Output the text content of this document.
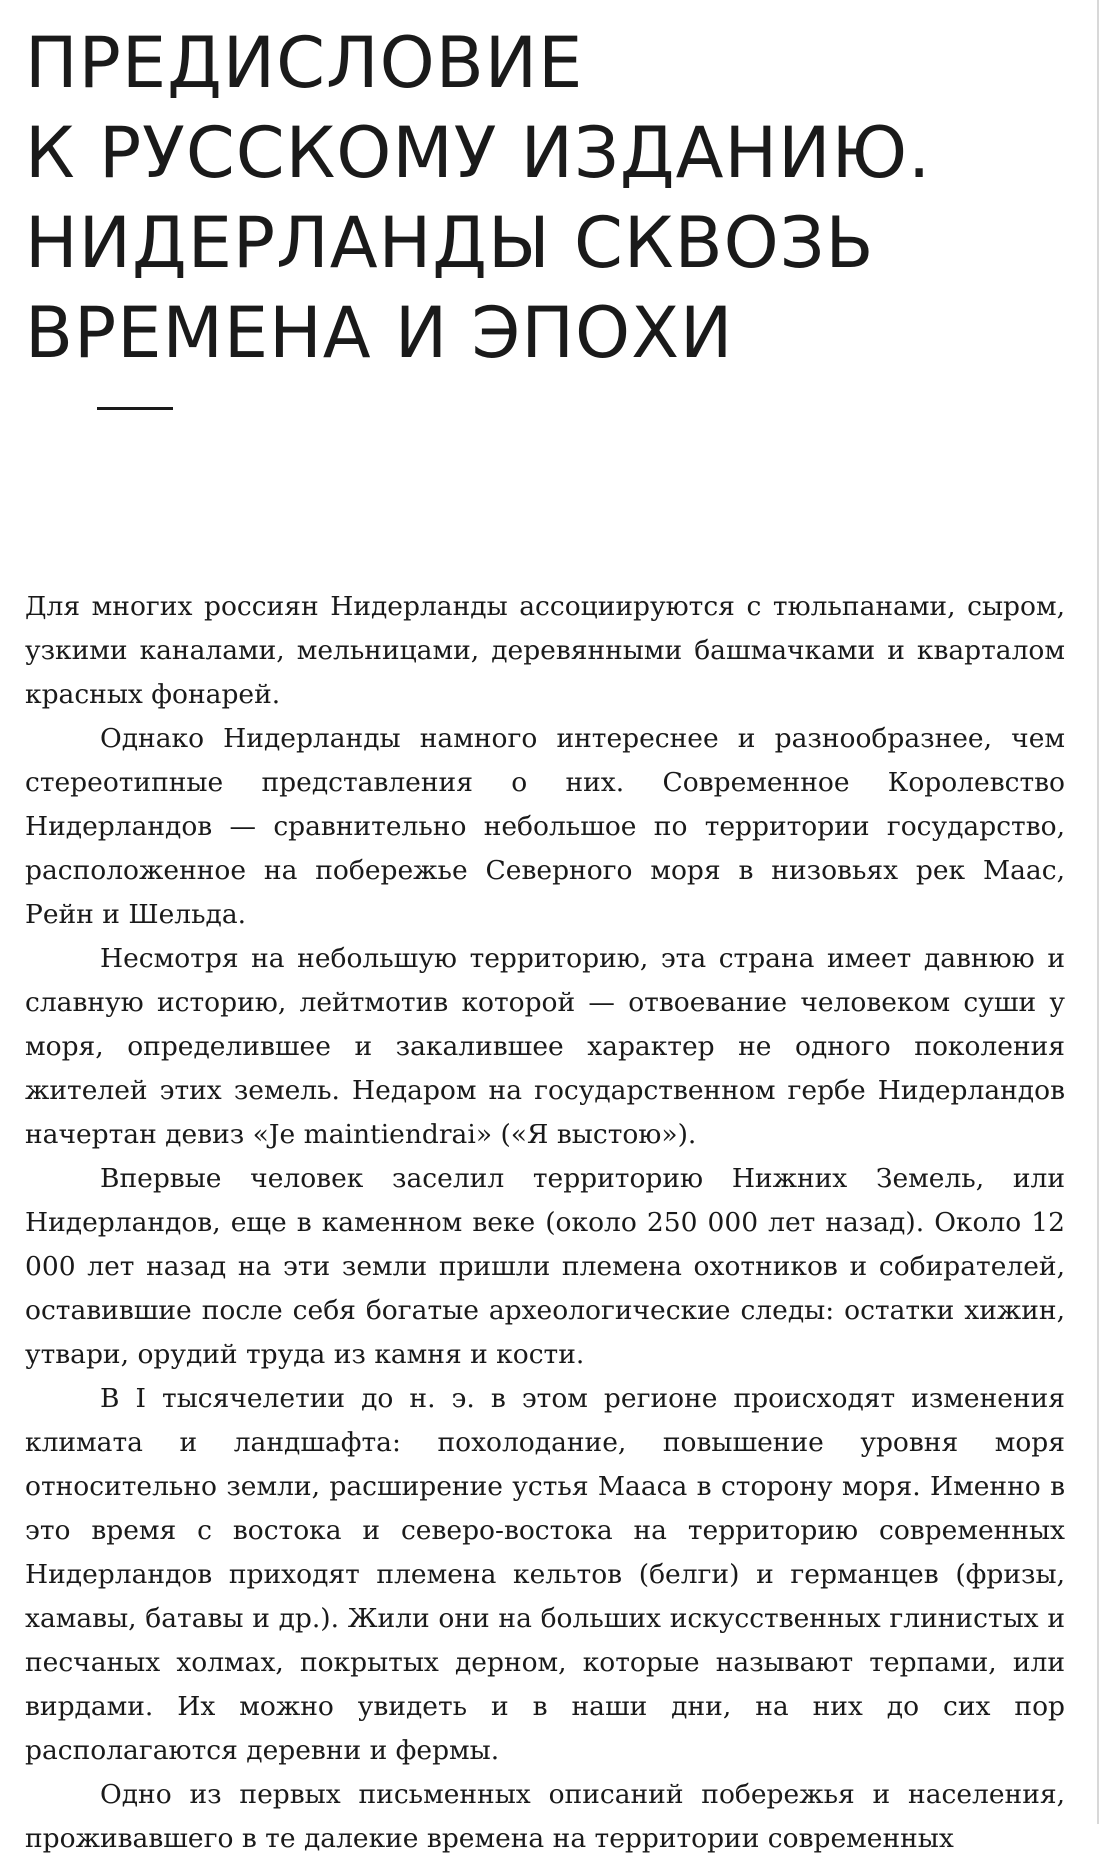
ПРЕДИСЛОВИЕ
К РУССКОМУ ИЗДАНИЮ.
НИДЕРЛАНДЫ СКВОЗЬ
ВРЕМЕНА И ЭПОХИ

Для многих россиян Нидерланды ассоциируются с тюльпанами, сыром, узкими каналами, мельницами, деревянными башмачками и кварталом красных фонарей.

Однако Нидерланды намного интереснее и разнообразнее, чем стереотипные представления о них. Современное Королевство Нидерландов — сравнительно небольшое по территории государство, расположенное на побережье Северного моря в низовьях рек Маас, Рейн и Шельда.

Несмотря на небольшую территорию, эта страна имеет давнюю и славную историю, лейтмотив которой — отвоевание человеком суши у моря, определившее и закалившее характер не одного поколения жителей этих земель. Недаром на государственном гербе Нидерландов начертан девиз «Je maintiendrai» («Я выстою»).

Впервые человек заселил территорию Нижних Земель, или Нидерландов, еще в каменном веке (около 250 000 лет назад). Около 12 000 лет назад на эти земли пришли племена охотников и собирателей, оставившие после себя богатые археологические следы: остатки хижин, утвари, орудий труда из камня и кости.

В I тысячелетии до н. э. в этом регионе происходят изменения климата и ландшафта: похолодание, повышение уровня моря относительно земли, расширение устья Мааса в сторону моря. Именно в это время с востока и северо-востока на территорию современных Нидерландов приходят племена кельтов (белги) и германцев (фризы, хамавы, батавы и др.). Жили они на больших искусственных глинистых и песчаных холмах, покрытых дерном, которые называют терпами, или вирдами. Их можно увидеть и в наши дни, на них до сих пор располагаются деревни и фермы.

Одно из первых письменных описаний побережья и населения, проживавшего в те далекие времена на территории современных
